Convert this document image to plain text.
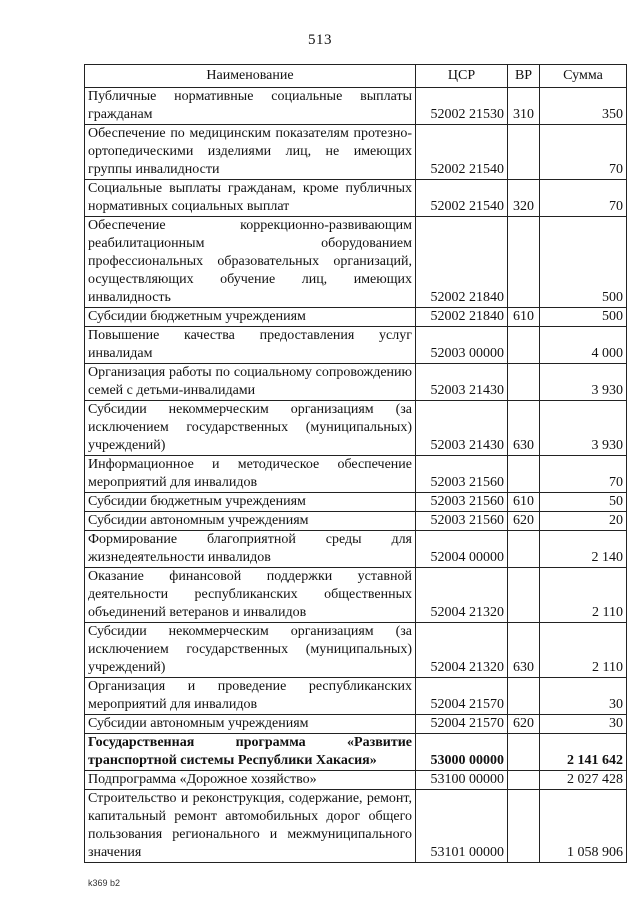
513
Наименование	ЦСР	ВР	Сумма
Публичные нормативные социальные выплаты гражданам	52002 21530	310	350
Обеспечение по медицинским показателям протезно-ортопедическими изделиями лиц, не имеющих группы инвалидности	52002 21540		70
Социальные выплаты гражданам, кроме публичных нормативных социальных выплат	52002 21540	320	70
Обеспечение коррекционно-развивающим реабилитационным оборудованием профессиональных образовательных организаций, осуществляющих обучение лиц, имеющих инвалидность	52002 21840		500
Субсидии бюджетным учреждениям	52002 21840	610	500
Повышение качества предоставления услуг инвалидам	52003 00000		4 000
Организация работы по социальному сопровождению семей с детьми-инвалидами	52003 21430		3 930
Субсидии некоммерческим организациям (за исключением государственных (муниципальных) учреждений)	52003 21430	630	3 930
Информационное и методическое обеспечение мероприятий для инвалидов	52003 21560		70
Субсидии бюджетным учреждениям	52003 21560	610	50
Субсидии автономным учреждениям	52003 21560	620	20
Формирование благоприятной среды для жизнедеятельности инвалидов	52004 00000		2 140
Оказание финансовой поддержки уставной деятельности республиканских общественных объединений ветеранов и инвалидов	52004 21320		2 110
Субсидии некоммерческим организациям (за исключением государственных (муниципальных) учреждений)	52004 21320	630	2 110
Организация и проведение республиканских мероприятий для инвалидов	52004 21570		30
Субсидии автономным учреждениям	52004 21570	620	30
Государственная программа «Развитие транспортной системы Республики Хакасия»	53000 00000		2 141 642
Подпрограмма «Дорожное хозяйство»	53100 00000		2 027 428
Строительство и реконструкция, содержание, ремонт, капитальный ремонт автомобильных дорог общего пользования регионального и межмуниципального значения	53101 00000		1 058 906
k369 b2
